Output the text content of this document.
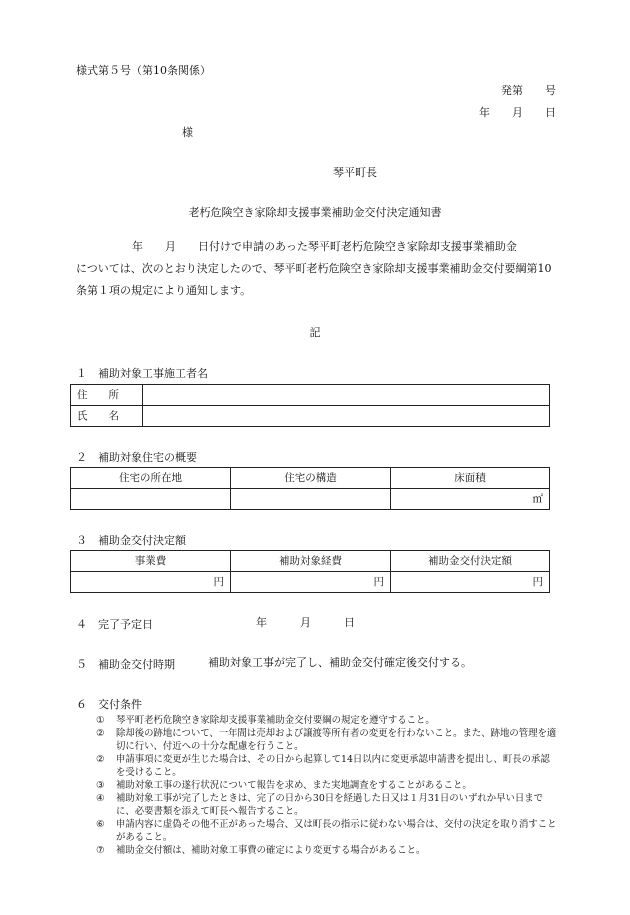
様式第５号（第10条関係）
発第　　号
年　　月　　日
様
琴平町長
老朽危険空き家除却支援事業補助金交付決定通知書
年　　月　　日付けで申請のあった琴平町老朽危険空き家除却支援事業補助金
については、次のとおり決定したので、琴平町老朽危険空き家除却支援事業補助金交付要綱第10条第１項の規定により通知します。
記
１　補助対象工事施工者名
住　　所	
氏　　名	
２　補助対象住宅の概要
住宅の所在地	住宅の構造	床面積
		㎡
３　補助金交付決定額
事業費	補助対象経費	補助金交付決定額
円	円	円
４　完了予定日	年　　　月　　　日
５　補助金交付時期	補助対象工事が完了し、補助金交付確定後交付する。
６　交付条件
①	琴平町老朽危険空き家除却支援事業補助金交付要綱の規定を遵守すること。
②	除却後の跡地について、一年間は売却および譲渡等所有者の変更を行わないこと。また、跡地の管理を適切に行い、付近への十分な配慮を行うこと。
②	申請事項に変更が生じた場合は、その日から起算して14日以内に変更承認申請書を提出し、町長の承認を受けること。
③	補助対象工事の遂行状況について報告を求め、また実地調査をすることがあること。
④	補助対象工事が完了したときは、完了の日から30日を経過した日又は１月31日のいずれか早い日までに、必要書類を添えて町長へ報告すること。
⑥	申請内容に虚偽その他不正があった場合、又は町長の指示に従わない場合は、交付の決定を取り消すことがあること。
⑦	補助金交付額は、補助対象工事費の確定により変更する場合があること。
